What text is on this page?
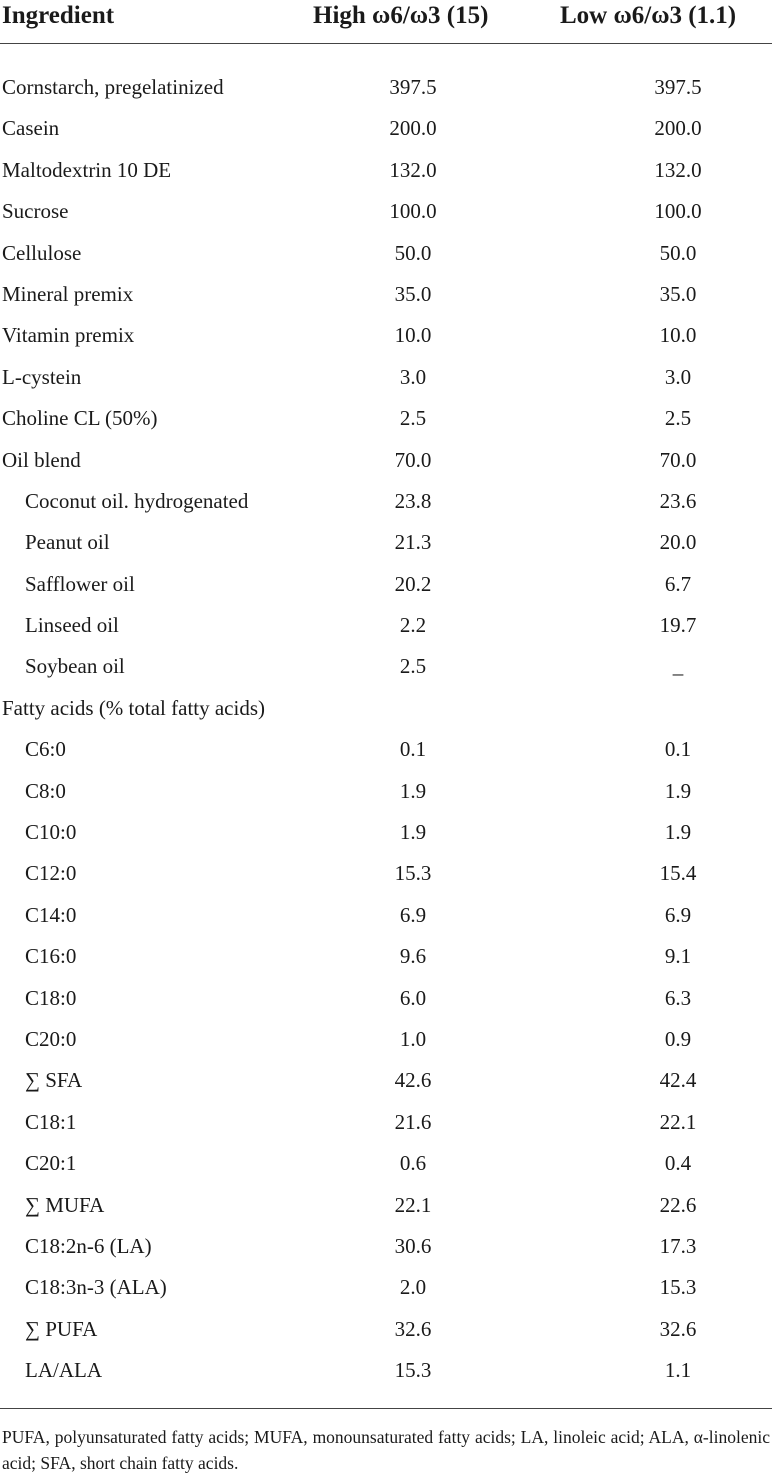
Ingredient	High ω6/ω3 (15)	Low ω6/ω3 (1.1)
Cornstarch, pregelatinized	397.5	397.5
Casein	200.0	200.0
Maltodextrin 10 DE	132.0	132.0
Sucrose	100.0	100.0
Cellulose	50.0	50.0
Mineral premix	35.0	35.0
Vitamin premix	10.0	10.0
L-cystein	3.0	3.0
Choline CL (50%)	2.5	2.5
Oil blend	70.0	70.0
Coconut oil. hydrogenated	23.8	23.6
Peanut oil	21.3	20.0
Safflower oil	20.2	6.7
Linseed oil	2.2	19.7
Soybean oil	2.5	_
Fatty acids (% total fatty acids)
C6:0	0.1	0.1
C8:0	1.9	1.9
C10:0	1.9	1.9
C12:0	15.3	15.4
C14:0	6.9	6.9
C16:0	9.6	9.1
C18:0	6.0	6.3
C20:0	1.0	0.9
∑ SFA	42.6	42.4
C18:1	21.6	22.1
C20:1	0.6	0.4
∑ MUFA	22.1	22.6
C18:2n-6 (LA)	30.6	17.3
C18:3n-3 (ALA)	2.0	15.3
∑ PUFA	32.6	32.6
LA/ALA	15.3	1.1
PUFA, polyunsaturated fatty acids; MUFA, monounsaturated fatty acids; LA, linoleic acid; ALA, α-linolenic acid; SFA, short chain fatty acids.
